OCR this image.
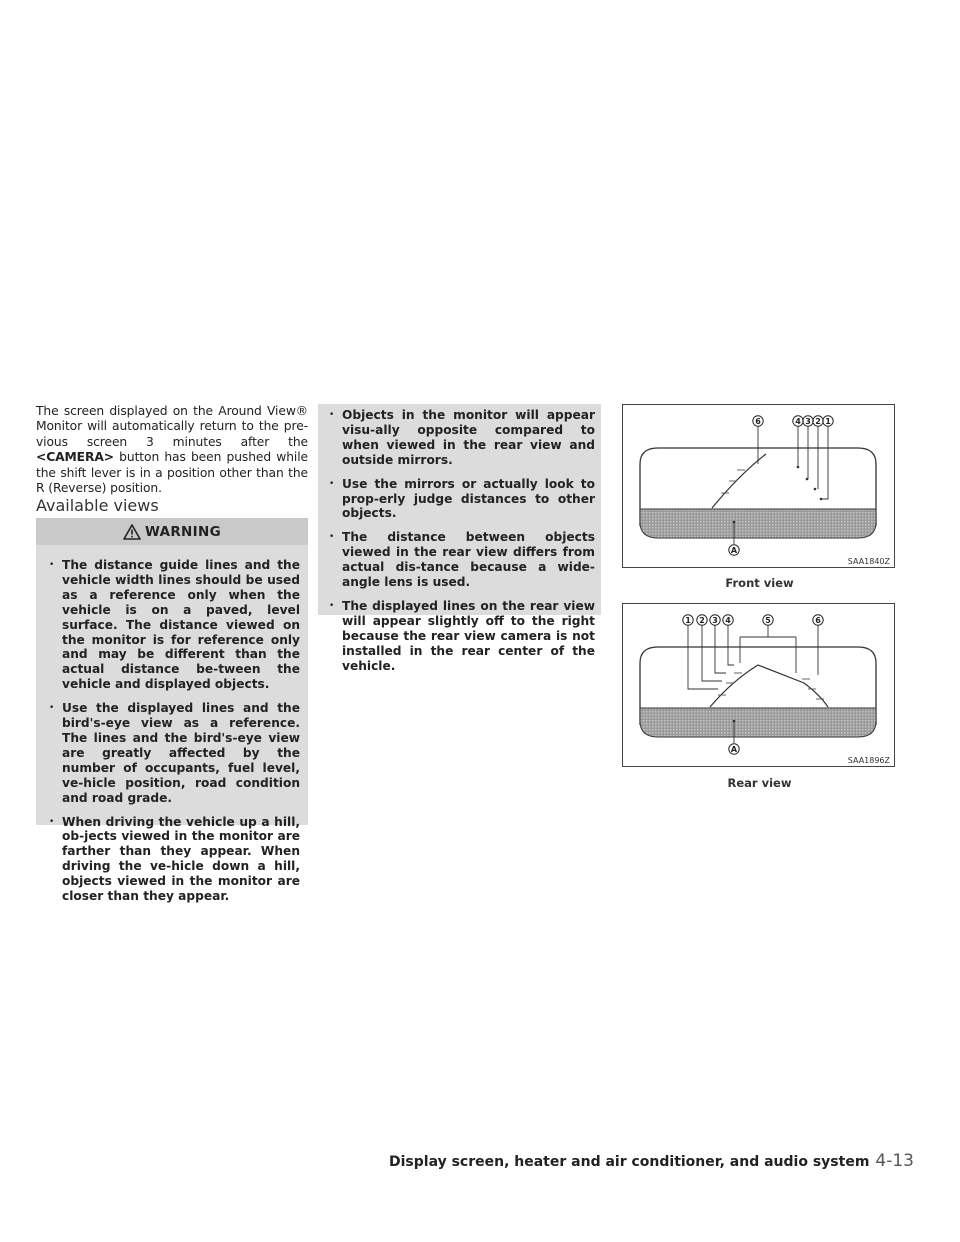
The screen displayed on the Around View® Monitor will automatically return to the pre-vious screen 3 minutes after the <CAMERA> button has been pushed while the shift lever is in a position other than the R (Reverse) position.

Available views
WARNING
• The distance guide lines and the vehicle width lines should be used as a reference only when the vehicle is on a paved, level surface. The distance viewed on the monitor is for reference only and may be different than the actual distance be-tween the vehicle and displayed objects.
• Use the displayed lines and the bird's-eye view as a reference. The lines and the bird's-eye view are greatly affected by the number of occupants, fuel level, ve-hicle position, road condition and road grade.
• When driving the vehicle up a hill, ob-jects viewed in the monitor are farther than they appear. When driving the ve-hicle down a hill, objects viewed in the monitor are closer than they appear.
• Objects in the monitor will appear visu-ally opposite compared to when viewed in the rear view and outside mirrors.
• Use the mirrors or actually look to prop-erly judge distances to other objects.
• The distance between objects viewed in the rear view differs from actual dis-tance because a wide-angle lens is used.
• The displayed lines on the rear view will appear slightly off to the right because the rear view camera is not installed in the rear center of the vehicle.
6	4 3 2 1
A
SAA1840Z
Front view
1 2 3 4	5	6
A
SAA1896Z
Rear view
Display screen, heater and air conditioner, and audio system 4-13
